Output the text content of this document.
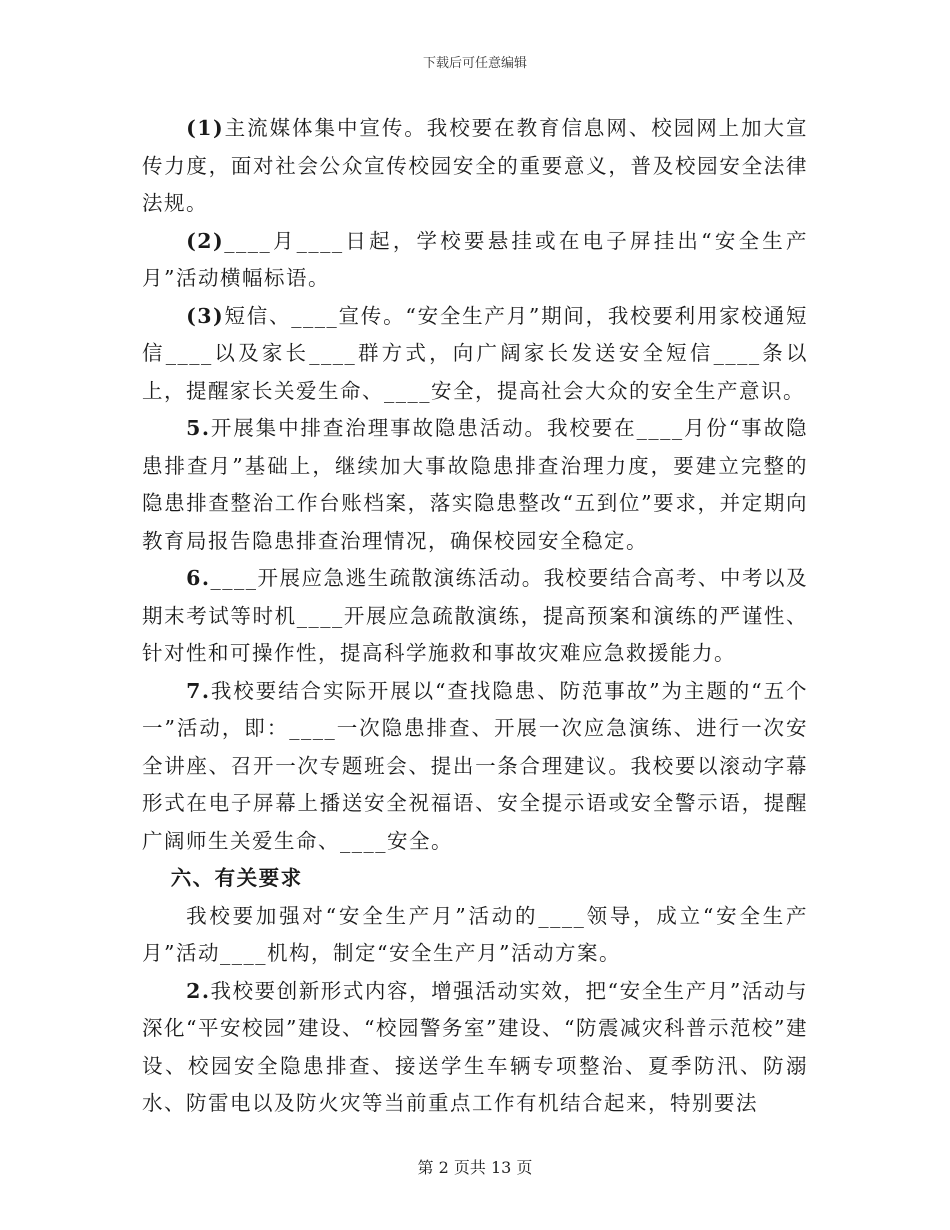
下载后可任意编辑

(1)主流媒体集中宣传。我校要在教育信息网、校园网上加大宣传力度，面对社会公众宣传校园安全的重要意义，普及校园安全法律法规。

(2)____月____日起，学校要悬挂或在电子屏挂出“安全生产月”活动横幅标语。

(3)短信、____宣传。“安全生产月”期间，我校要利用家校通短信____以及家长____群方式，向广阔家长发送安全短信____条以上，提醒家长关爱生命、____安全，提高社会大众的安全生产意识。

5.开展集中排查治理事故隐患活动。我校要在____月份“事故隐患排查月”基础上，继续加大事故隐患排查治理力度，要建立完整的隐患排查整治工作台账档案，落实隐患整改“五到位”要求，并定期向教育局报告隐患排查治理情况，确保校园安全稳定。

6.____开展应急逃生疏散演练活动。我校要结合高考、中考以及期末考试等时机____开展应急疏散演练，提高预案和演练的严谨性、针对性和可操作性，提高科学施救和事故灾难应急救援能力。

7.我校要结合实际开展以“查找隐患、防范事故”为主题的“五个一”活动，即：____一次隐患排查、开展一次应急演练、进行一次安全讲座、召开一次专题班会、提出一条合理建议。我校要以滚动字幕形式在电子屏幕上播送安全祝福语、安全提示语或安全警示语，提醒广阔师生关爱生命、____安全。

六、有关要求

我校要加强对“安全生产月”活动的____领导，成立“安全生产月”活动____机构，制定“安全生产月”活动方案。

2.我校要创新形式内容，增强活动实效，把“安全生产月”活动与深化“平安校园”建设、“校园警务室”建设、“防震减灾科普示范校”建设、校园安全隐患排查、接送学生车辆专项整治、夏季防汛、防溺水、防雷电以及防火灾等当前重点工作有机结合起来，特别要法

第 2 页共 13 页
